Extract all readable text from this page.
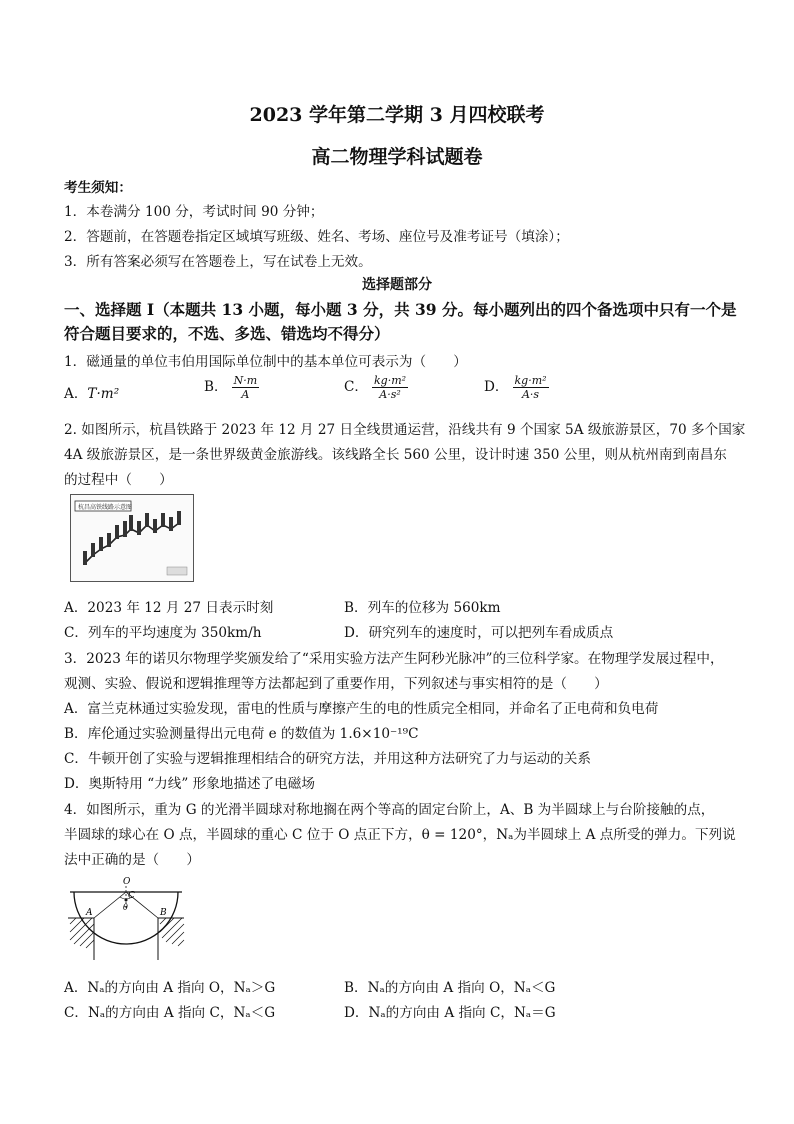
2023 学年第二学期 3 月四校联考
高二物理学科试题卷
考生须知：
1．本卷满分 100 分，考试时间 90 分钟；
2．答题前，在答题卷指定区域填写班级、姓名、考场、座位号及准考证号（填涂）；
3．所有答案必须写在答题卷上，写在试卷上无效。
选择题部分
一、选择题 I（本题共 13 小题，每小题 3 分，共 39 分。每小题列出的四个备选项中只有一个是
符合题目要求的，不选、多选、错选均不得分）
1．磁通量的单位韦伯用国际单位制中的基本单位可表示为（　　）
A．T·m²	B． $\frac{N\cdot m}{A}$	C． $\frac{\text{kg·m²}}{\text{A·s²}}$	D． $\frac{\text{kg·m²}}{A\cdot s}$
2. 如图所示，杭昌铁路于 2023 年 12 月 27 日全线贯通运营，沿线共有 9 个国家 5A 级旅游景区，70 多个国家
4A 级旅游景区，是一条世界级黄金旅游线。该线路全长 560 公里，设计时速 350 公里，则从杭州南到南昌东
的过程中（　　）
杭昌高铁线路示意图
A．2023 年 12 月 27 日表示时刻	B．列车的位移为 560km
C．列车的平均速度为 350km/h	D．研究列车的速度时，可以把列车看成质点
3．2023 年的诺贝尔物理学奖颁发给了“采用实验方法产生阿秒光脉冲”的三位科学家。在物理学发展过程中，
观测、实验、假说和逻辑推理等方法都起到了重要作用，下列叙述与事实相符的是（　　）
A．富兰克林通过实验发现，雷电的性质与摩擦产生的电的性质完全相同，并命名了正电荷和负电荷
B．库伦通过实验测量得出元电荷 e 的数值为 1.6×10⁻¹⁹C
C．牛顿开创了实验与逻辑推理相结合的研究方法，并用这种方法研究了力与运动的关系
D．奥斯特用 “力线” 形象地描述了电磁场
4．如图所示，重为 G 的光滑半圆球对称地搁在两个等高的固定台阶上，A、B 为半圆球上与台阶接触的点，
半圆球的球心在 O 点，半圆球的重心 C 位于 O 点正下方，θ = 120°，Nₐ为半圆球上 A 点所受的弹力。下列说
法中正确的是（　　）
O
C
θ
A	B
A．Nₐ的方向由 A 指向 O，Nₐ＞G	B．Nₐ的方向由 A 指向 O，Nₐ＜G
C．Nₐ的方向由 A 指向 C，Nₐ＜G	D．Nₐ的方向由 A 指向 C，Nₐ＝G
